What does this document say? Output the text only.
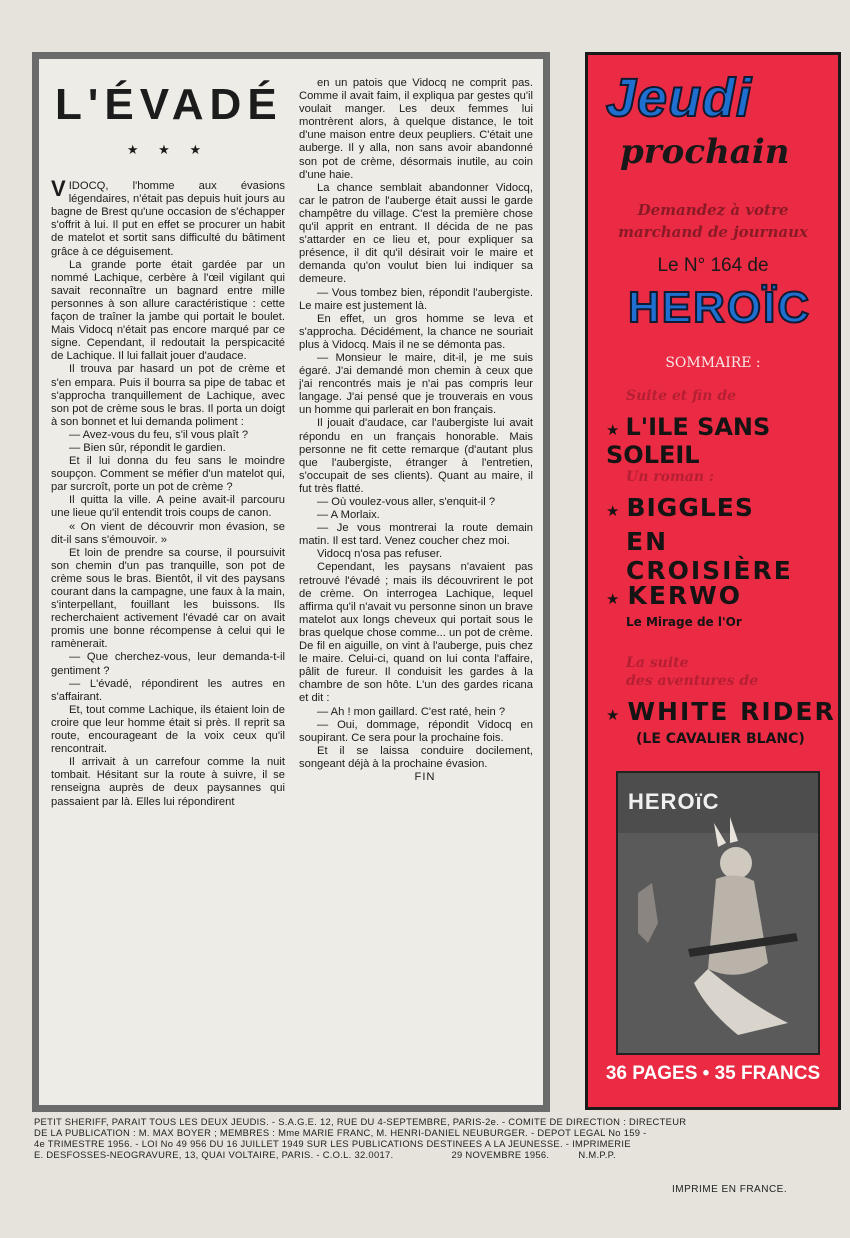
L'ÉVADÉ
★ ★ ★

VIDOCQ, l'homme aux évasions légendaires, n'était pas depuis huit jours au bagne de Brest qu'une occasion de s'échapper s'offrit à lui. Il put en effet se procurer un habit de matelot et sortit sans difficulté du bâtiment grâce à ce déguisement.

La grande porte était gardée par un nommé Lachique, cerbère à l'œil vigilant qui savait reconnaître un bagnard entre mille personnes à son allure caractéristique : cette façon de traîner la jambe qui portait le boulet. Mais Vidocq n'était pas encore marqué par ce signe. Cependant, il redoutait la perspicacité de Lachique. Il lui fallait jouer d'audace.

Il trouva par hasard un pot de crème et s'en empara. Puis il bourra sa pipe de tabac et s'approcha tranquillement de Lachique, avec son pot de crème sous le bras. Il porta un doigt à son bonnet et lui demanda poliment :

— Avez-vous du feu, s'il vous plaît ?

— Bien sûr, répondit le gardien.

Et il lui donna du feu sans le moindre soupçon. Comment se méfier d'un matelot qui, par surcroît, porte un pot de crème ?

Il quitta la ville. A peine avait-il parcouru une lieue qu'il entendit trois coups de canon.

« On vient de découvrir mon évasion, se dit-il sans s'émouvoir. »

Et loin de prendre sa course, il poursuivit son chemin d'un pas tranquille, son pot de crème sous le bras. Bientôt, il vit des paysans courant dans la campagne, une faux à la main, s'interpellant, fouillant les buissons. Ils recherchaient activement l'évadé car on avait promis une bonne récompense à celui qui le ramènerait.

— Que cherchez-vous, leur demanda-t-il gentiment ?

— L'évadé, répondirent les autres en s'affairant.

Et, tout comme Lachique, ils étaient loin de croire que leur homme était si près. Il reprit sa route, encourageant de la voix ceux qu'il rencontrait.

Il arrivait à un carrefour comme la nuit tombait. Hésitant sur la route à suivre, il se renseigna auprès de deux paysannes qui passaient par là. Elles lui répondirent

en un patois que Vidocq ne comprit pas. Comme il avait faim, il expliqua par gestes qu'il voulait manger. Les deux femmes lui montrèrent alors, à quelque distance, le toit d'une maison entre deux peupliers. C'était une auberge. Il y alla, non sans avoir abandonné son pot de crème, désormais inutile, au coin d'une haie.

La chance semblait abandonner Vidocq, car le patron de l'auberge était aussi le garde champêtre du village. C'est la première chose qu'il apprit en entrant. Il décida de ne pas s'attarder en ce lieu et, pour expliquer sa présence, il dit qu'il désirait voir le maire et demanda qu'on voulut bien lui indiquer sa demeure.

— Vous tombez bien, répondit l'aubergiste. Le maire est justement là.

En effet, un gros homme se leva et s'approcha. Décidément, la chance ne souriait plus à Vidocq. Mais il ne se démonta pas.

— Monsieur le maire, dit-il, je me suis égaré. J'ai demandé mon chemin à ceux que j'ai rencontrés mais je n'ai pas compris leur langage. J'ai pensé que je trouverais en vous un homme qui parlerait en bon français.

Il jouait d'audace, car l'aubergiste lui avait répondu en un français honorable. Mais personne ne fit cette remarque (d'autant plus que l'aubergiste, étranger à l'entretien, s'occupait de ses clients). Quant au maire, il fut très flatté.

— Où voulez-vous aller, s'enquit-il ?

— A Morlaix.

— Je vous montrerai la route demain matin. Il est tard. Venez coucher chez moi.

Vidocq n'osa pas refuser.

Cependant, les paysans n'avaient pas retrouvé l'évadé ; mais ils découvrirent le pot de crème. On interrogea Lachique, lequel affirma qu'il n'avait vu personne sinon un brave matelot aux longs cheveux qui portait sous le bras quelque chose comme... un pot de crème. De fil en aiguille, on vint à l'auberge, puis chez le maire. Celui-ci, quand on lui conta l'affaire, pâlit de fureur. Il conduisit les gardes à la chambre de son hôte. L'un des gardes ricana et dit :

— Ah ! mon gaillard. C'est raté, hein ?

— Oui, dommage, répondit Vidocq en soupirant. Ce sera pour la prochaine fois.

Et il se laissa conduire docilement, songeant déjà à la prochaine évasion.

FIN

Jeudi
prochain
Demandez à votre
marchand de journaux
Le N° 164 de
HEROÏC
SOMMAIRE :
Suite et fin de
★ L'ILE SANS SOLEIL
Un roman :
★ BIGGLES
EN CROISIÈRE
★ KERWO
Le Mirage de l'Or
La suite
des aventures de
★ WHITE RIDER
(LE CAVALIER BLANC)
HEROïC
36 PAGES • 35 FRANCS
PETIT SHERIFF, PARAIT TOUS LES DEUX JEUDIS. - S.A.G.E. 12, RUE DU 4-SEPTEMBRE, PARIS-2e. - COMITE DE DIRECTION : DIRECTEUR
DE LA PUBLICATION : M. MAX BOYER ; MEMBRES : Mme MARIE FRANC, M. HENRI-DANIEL NEUBURGER. - DEPOT LEGAL No 159 -
4e TRIMESTRE 1956. - LOI No 49 956 DU 16 JUILLET 1949 SUR LES PUBLICATIONS DESTINEES A LA JEUNESSE. - IMPRIMERIE
E. DESFOSSES-NEOGRAVURE, 13, QUAI VOLTAIRE, PARIS. - C.O.L. 32.0017.                    29 NOVEMBRE 1956.          N.M.P.P.
IMPRIME EN FRANCE.
